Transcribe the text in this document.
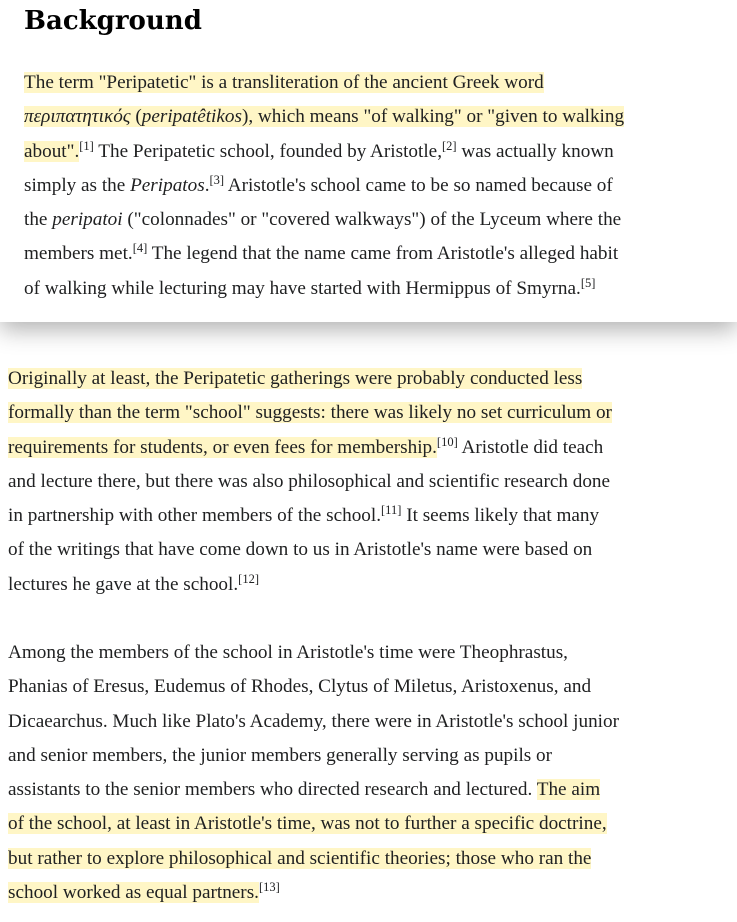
Background

The term "Peripatetic" is a transliteration of the ancient Greek word
περιπατητικός (peripatêtikos), which means "of walking" or "given to walking
about".[1] The Peripatetic school, founded by Aristotle,[2] was actually known
simply as the Peripatos.[3] Aristotle's school came to be so named because of
the peripatoi ("colonnades" or "covered walkways") of the Lyceum where the
members met.[4] The legend that the name came from Aristotle's alleged habit
of walking while lecturing may have started with Hermippus of Smyrna.[5]

Originally at least, the Peripatetic gatherings were probably conducted less
formally than the term "school" suggests: there was likely no set curriculum or
requirements for students, or even fees for membership.[10] Aristotle did teach
and lecture there, but there was also philosophical and scientific research done
in partnership with other members of the school.[11] It seems likely that many
of the writings that have come down to us in Aristotle's name were based on
lectures he gave at the school.[12]

Among the members of the school in Aristotle's time were Theophrastus,
Phanias of Eresus, Eudemus of Rhodes, Clytus of Miletus, Aristoxenus, and
Dicaearchus. Much like Plato's Academy, there were in Aristotle's school junior
and senior members, the junior members generally serving as pupils or
assistants to the senior members who directed research and lectured. The aim
of the school, at least in Aristotle's time, was not to further a specific doctrine,
but rather to explore philosophical and scientific theories; those who ran the
school worked as equal partners.[13]
